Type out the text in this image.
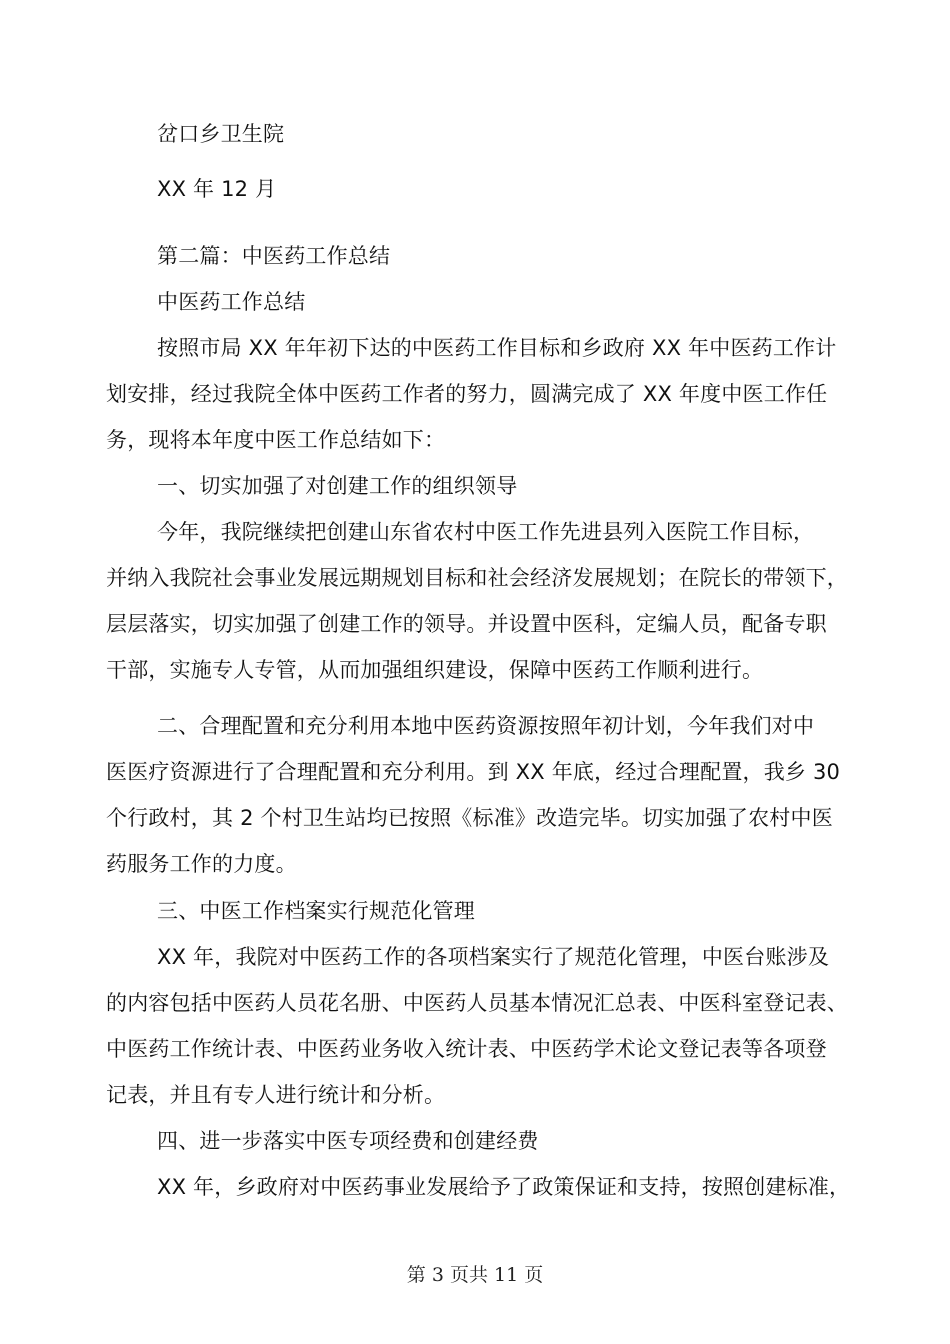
岔口乡卫生院
XX 年 12 月
第二篇：中医药工作总结
中医药工作总结
按照市局 XX 年年初下达的中医药工作目标和乡政府 XX 年中医药工作计
划安排，经过我院全体中医药工作者的努力，圆满完成了 XX 年度中医工作任
务，现将本年度中医工作总结如下：
一、切实加强了对创建工作的组织领导
今年，我院继续把创建山东省农村中医工作先进县列入医院工作目标，
并纳入我院社会事业发展远期规划目标和社会经济发展规划；在院长的带领下，
层层落实，切实加强了创建工作的领导。并设置中医科，定编人员，配备专职
干部，实施专人专管，从而加强组织建设，保障中医药工作顺利进行。
二、合理配置和充分利用本地中医药资源按照年初计划，今年我们对中
医医疗资源进行了合理配置和充分利用。到 XX 年底，经过合理配置，我乡 30
个行政村，其 2 个村卫生站均已按照《标准》改造完毕。切实加强了农村中医
药服务工作的力度。
三、中医工作档案实行规范化管理
XX 年，我院对中医药工作的各项档案实行了规范化管理，中医台账涉及
的内容包括中医药人员花名册、中医药人员基本情况汇总表、中医科室登记表、
中医药工作统计表、中医药业务收入统计表、中医药学术论文登记表等各项登
记表，并且有专人进行统计和分析。
四、进一步落实中医专项经费和创建经费
XX 年，乡政府对中医药事业发展给予了政策保证和支持，按照创建标准，
第 3 页共 11 页
